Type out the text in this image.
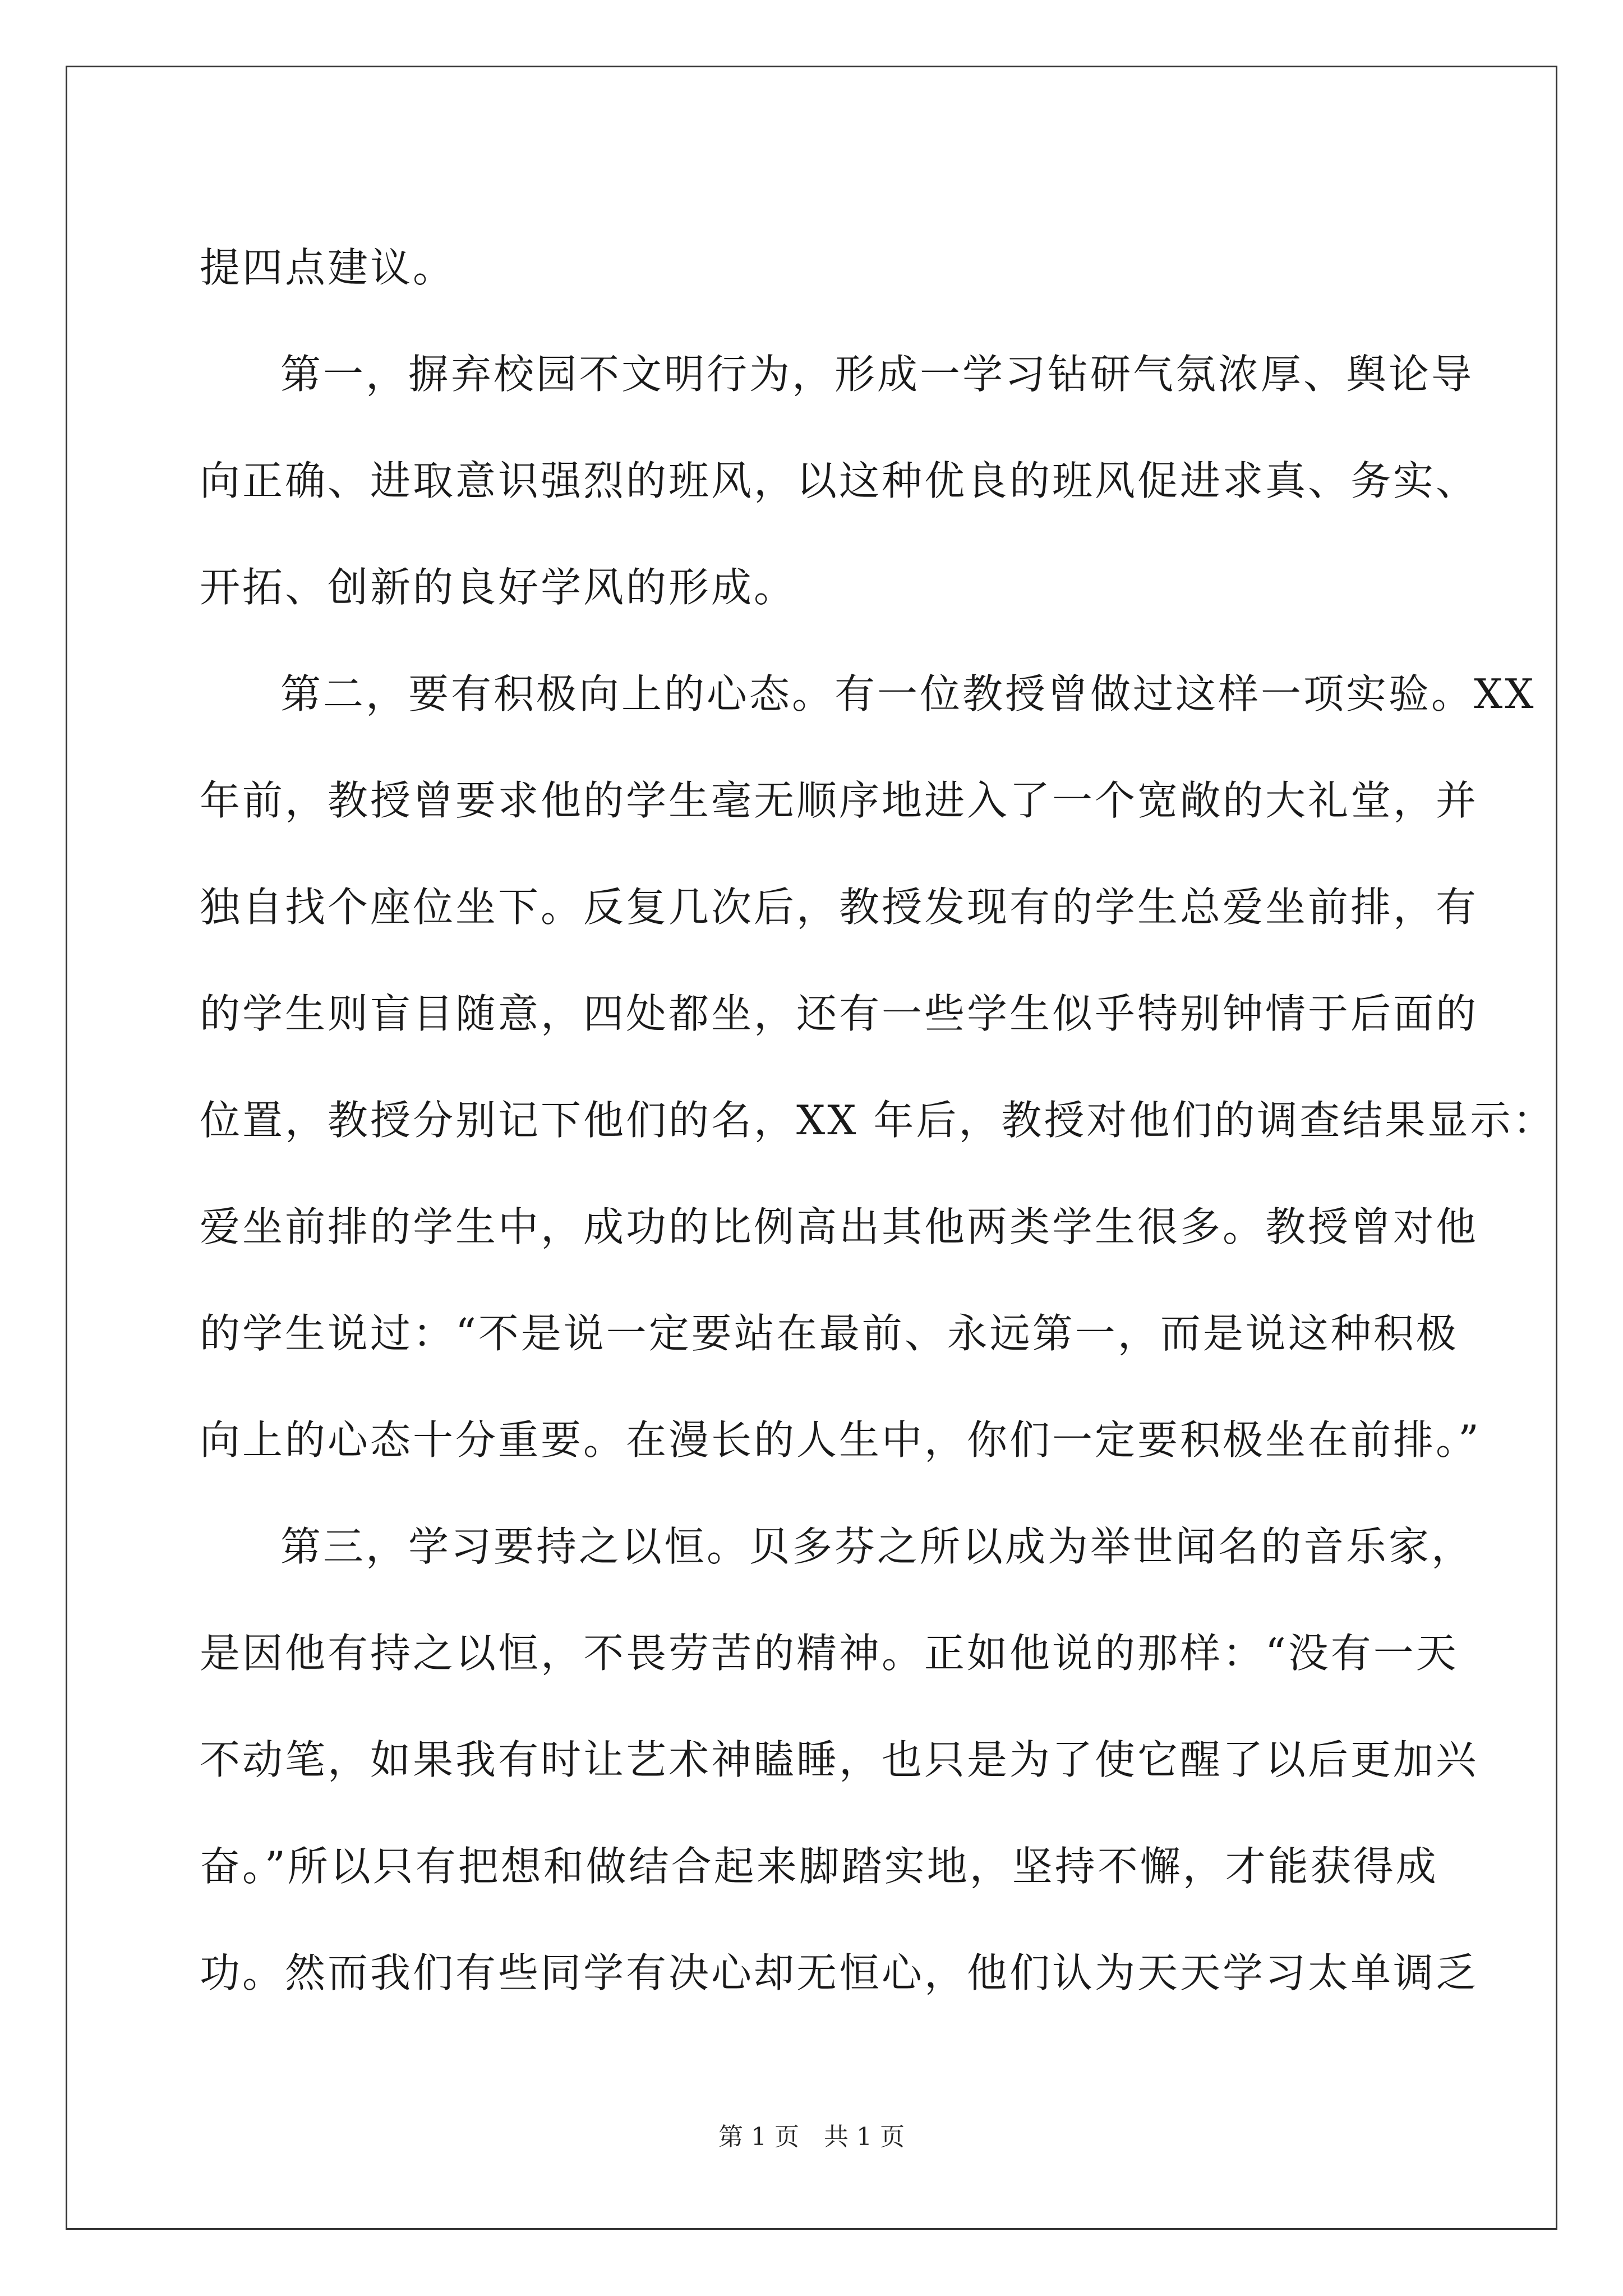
提四点建议。
第一，摒弃校园不文明行为，形成一学习钻研气氛浓厚、舆论导
向正确、进取意识强烈的班风，以这种优良的班风促进求真、务实、
开拓、创新的良好学风的形成。
第二，要有积极向上的心态。有一位教授曾做过这样一项实验。XX
年前，教授曾要求他的学生毫无顺序地进入了一个宽敞的大礼堂，并
独自找个座位坐下。反复几次后，教授发现有的学生总爱坐前排，有
的学生则盲目随意，四处都坐，还有一些学生似乎特别钟情于后面的
位置，教授分别记下他们的名，XX 年后，教授对他们的调查结果显示：
爱坐前排的学生中，成功的比例高出其他两类学生很多。教授曾对他
的学生说过：“不是说一定要站在最前、永远第一，而是说这种积极
向上的心态十分重要。在漫长的人生中，你们一定要积极坐在前排。”
第三，学习要持之以恒。贝多芬之所以成为举世闻名的音乐家，
是因他有持之以恒，不畏劳苦的精神。正如他说的那样：“没有一天
不动笔，如果我有时让艺术神瞌睡，也只是为了使它醒了以后更加兴
奋。”所以只有把想和做结合起来脚踏实地，坚持不懈，才能获得成
功。然而我们有些同学有决心却无恒心，他们认为天天学习太单调乏
第 1 页　共 1 页
